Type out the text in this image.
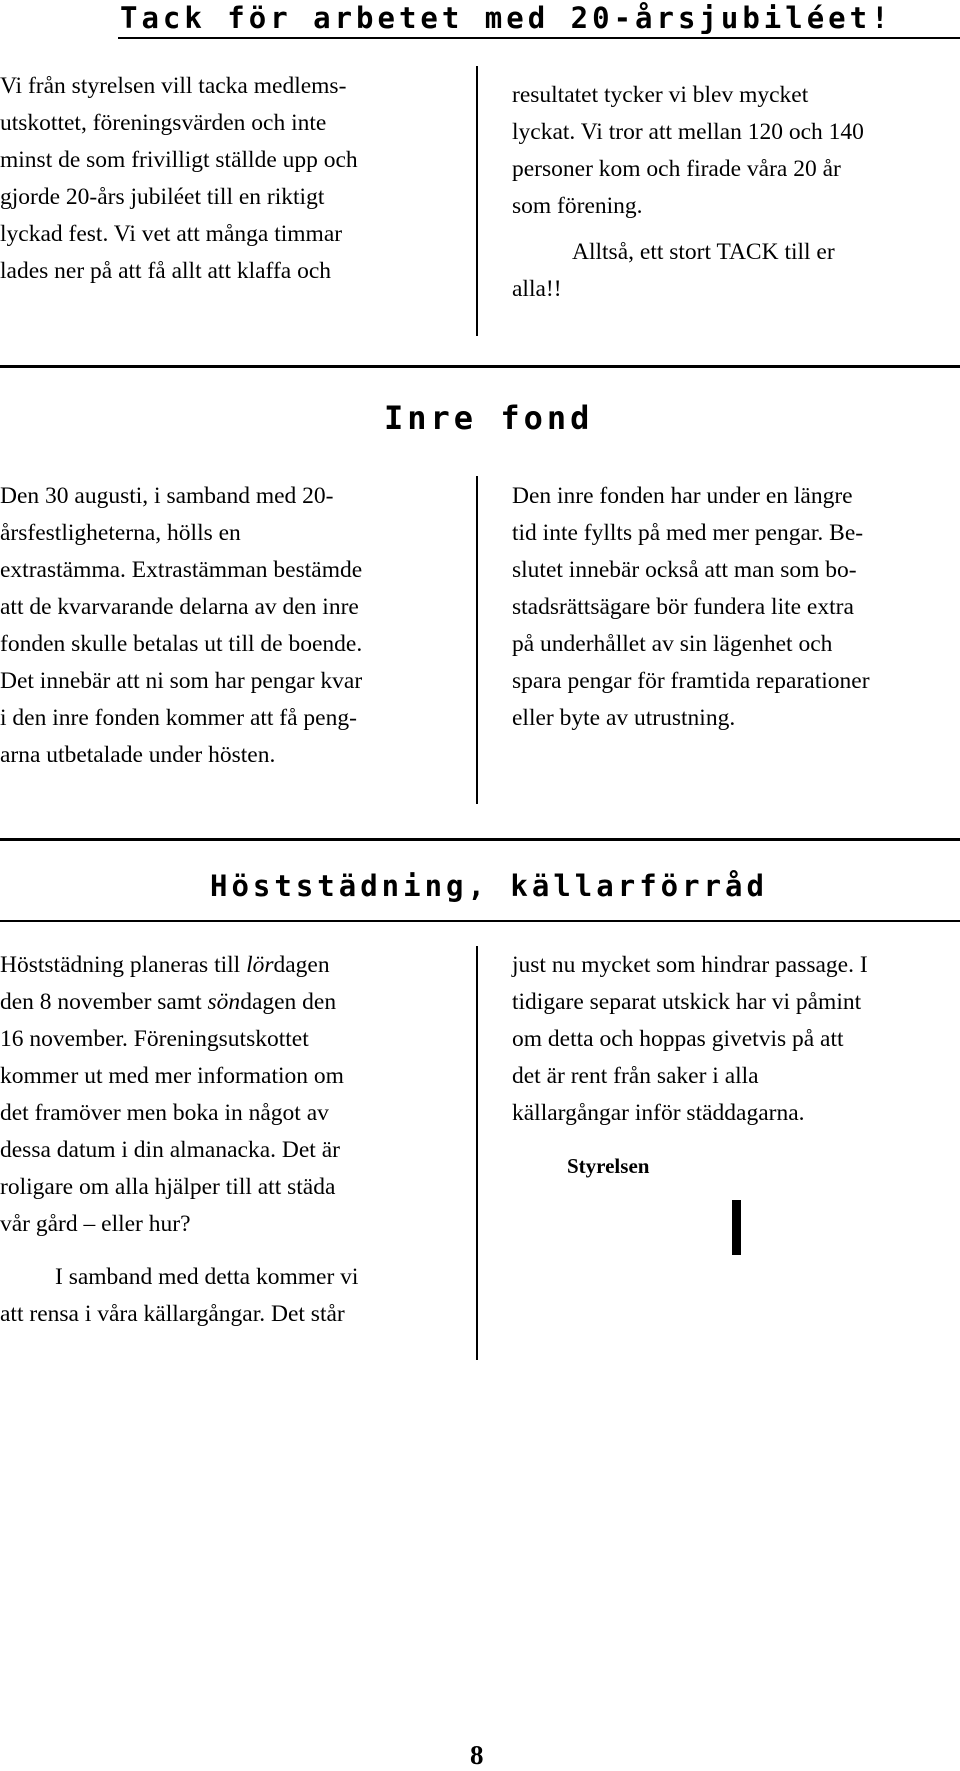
Tack för arbetet med 20-årsjubiléet!

Vi från styrelsen vill tacka medlems-

utskottet, föreningsvärden och inte

minst de som frivilligt ställde upp och

gjorde 20-års jubiléet till en riktigt

lyckad fest. Vi vet att många timmar

lades ner på att få allt att klaffa och

resultatet tycker vi blev mycket

lyckat. Vi tror att mellan 120 och 140

personer kom och firade våra 20 år

som förening.

Alltså, ett stort TACK till er

alla!!

Inre fond

Den 30 augusti, i samband med 20-

årsfestligheterna, hölls en

extrastämma. Extrastämman bestämde

att de kvarvarande delarna av den inre

fonden skulle betalas ut till de boende.

Det innebär att ni som har pengar kvar

i den inre fonden kommer att få peng-

arna utbetalade under hösten.

Den inre fonden har under en längre

tid inte fyllts på med mer pengar. Be-

slutet innebär också att man som bo-

stadsrättsägare bör fundera lite extra

på underhållet av sin lägenhet och

spara pengar för framtida reparationer

eller byte av utrustning.

Höststädning, källarförråd

Höststädning planeras till lördagen

den 8 november samt söndagen den

16 november. Föreningsutskottet

kommer ut med mer information om

det framöver men boka in något av

dessa datum i din almanacka. Det är

roligare om alla hjälper till att städa

vår gård – eller hur?

I samband med detta kommer vi

att rensa i våra källargångar. Det står

just nu mycket som hindrar passage. I

tidigare separat utskick har vi påmint

om detta och hoppas givetvis på att

det är rent från saker i alla

källargångar inför städdagarna.

Styrelsen
8
